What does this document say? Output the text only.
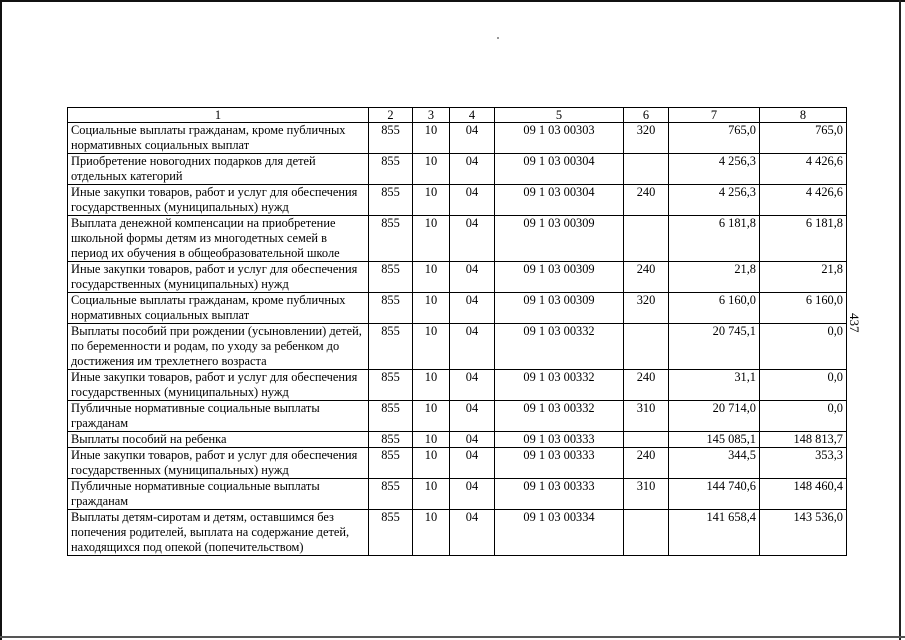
437
1	2	3	4	5	6	7	8
Социальные выплаты гражданам, кроме публичных нормативных социальных выплат	855	10	04	09 1 03 00303	320	765,0	765,0
Приобретение новогодних подарков для детей отдельных категорий	855	10	04	09 1 03 00304		4 256,3	4 426,6
Иные закупки товаров, работ и услуг для обеспечения государственных (муниципальных) нужд	855	10	04	09 1 03 00304	240	4 256,3	4 426,6
Выплата денежной компенсации на приобретение школьной формы детям из многодетных семей в период их обучения в общеобразовательной школе	855	10	04	09 1 03 00309		6 181,8	6 181,8
Иные закупки товаров, работ и услуг для обеспечения государственных (муниципальных) нужд	855	10	04	09 1 03 00309	240	21,8	21,8
Социальные выплаты гражданам, кроме публичных нормативных социальных выплат	855	10	04	09 1 03 00309	320	6 160,0	6 160,0
Выплаты пособий при рождении (усыновлении) детей, по беременности и родам, по уходу за ребенком до достижения им трехлетнего возраста	855	10	04	09 1 03 00332		20 745,1	0,0
Иные закупки товаров, работ и услуг для обеспечения государственных (муниципальных) нужд	855	10	04	09 1 03 00332	240	31,1	0,0
Публичные нормативные социальные выплаты гражданам	855	10	04	09 1 03 00332	310	20 714,0	0,0
Выплаты пособий на ребенка	855	10	04	09 1 03 00333		145 085,1	148 813,7
Иные закупки товаров, работ и услуг для обеспечения государственных (муниципальных) нужд	855	10	04	09 1 03 00333	240	344,5	353,3
Публичные нормативные социальные выплаты гражданам	855	10	04	09 1 03 00333	310	144 740,6	148 460,4
Выплаты детям-сиротам и детям, оставшимся без попечения родителей, выплата на содержание детей, находящихся под опекой (попечительством)	855	10	04	09 1 03 00334		141 658,4	143 536,0
